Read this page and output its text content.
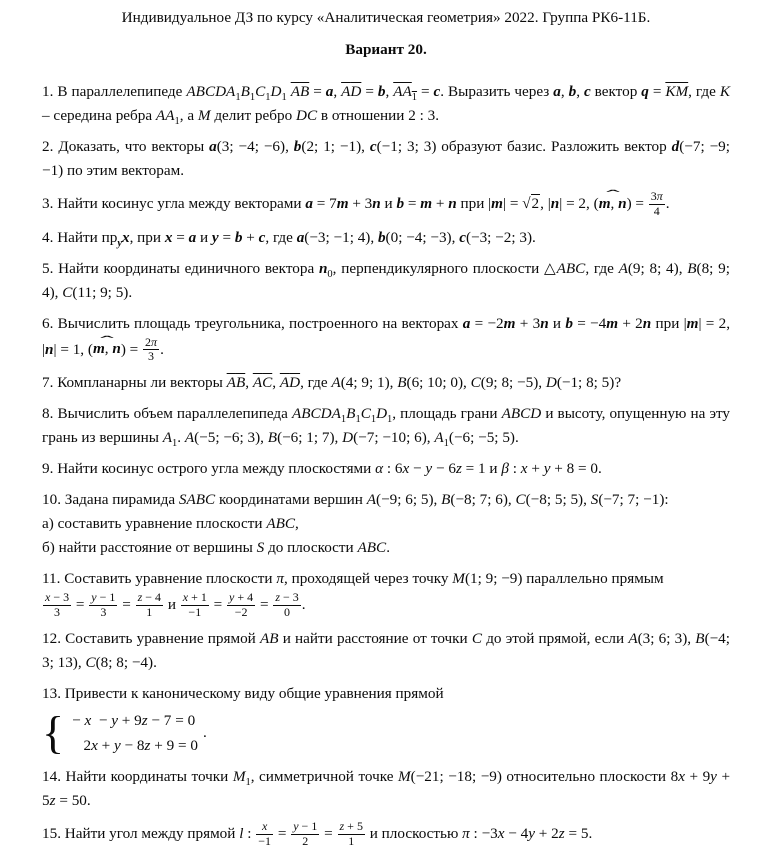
Индивидуальное ДЗ по курсу «Аналитическая геометрия» 2022. Группа РК6-11Б.
Вариант 20.

1. В параллелепипеде $ABCDA_1B_1C_1D_1$ AB = a, AD = b, $AA_1 = c$. Выразить через a, b, c вектор q = KM, где K – середина ребра $AA_1$, а M делит ребро DC в отношении 2 : 3.

2. Доказать, что векторы a(3; −4; −6), b(2; 1; −1), c(−1; 3; 3) образуют базис. Разложить вектор d(−7; −9; −1) по этим векторам.

3. Найти косинус угла между векторами a = 7m + 3n и b = m + n при |m| = √2, |n| = 2, (m, n ˆ) = $\frac{3\pi}{4}$ .

4. Найти $пр_yx$, при x = a и y = b + c, где a(−3; −1; 4), b(0; −4; −3), c(−3; −2; 3).

5. Найти координаты единичного вектора $n_0$, перпендикулярного плоскости △ABC, где A(9; 8; 4), B(8; 9; 4), C(11; 9; 5).

6. Вычислить площадь треугольника, построенного на векторах a = −2m + 3n и b = −4m + 2n при |m| = 2, |n| = 1, (m, n ˆ) = $\frac{2\pi}{3}$ .

7. Компланарны ли векторы AB, AC, AD, где A(4; 9; 1), B(6; 10; 0), C(9; 8; −5), D(−1; 8; 5)?

8. Вычислить объем параллелепипеда $ABCDA_1B_1C_1D_1$, площадь грани ABCD и высоту, опущенную на эту грань из вершины $A_1$. A(−5; −6; 3), B(−6; 1; 7), D(−7; −10; 6), $A_1(-6$; −5; 5).

9. Найти косинус острого угла между плоскостями α : 6x − y − 6z = 1 и β : x + y + 8 = 0.

10. Задана пирамида SABC координатами вершин A(−9; 6; 5), B(−8; 7; 6), C(−8; 5; 5), S(−7; 7; −1):
а) составить уравнение плоскости ABC,
б) найти расстояние от вершины S до плоскости ABC.

11. Составить уравнение плоскости π, проходящей через точку M(1; 9; −9) параллельно прямым

$\frac{x - 3}{3} = \frac{y - 1}{3} = \frac{z - 4}{1}$ и $\frac{x + 1}{-1} = \frac{y + 4}{-2} = \frac{z - 3}{0}$ .

12. Составить уравнение прямой AB и найти расстояние от точки C до этой прямой, если A(3; 6; 3), B(−4; 3; 13), C(8; 8; −4).

13. Привести к каноническому виду общие уравнения прямой
{ − x − y + 9z − 7 = 0
2x + y − 8z + 9 = 0
.

14. Найти координаты точки $M_1$, симметричной точке M(−21; −18; −9) относительно плоскости 8x + 9y + 5z = 50.

15. Найти угол между прямой l : $\frac{x}{-1} = \frac{y - 1}{2} = \frac{z + 5}{1}$ и плоскостью π : −3x − 4y + 2z = 5.
